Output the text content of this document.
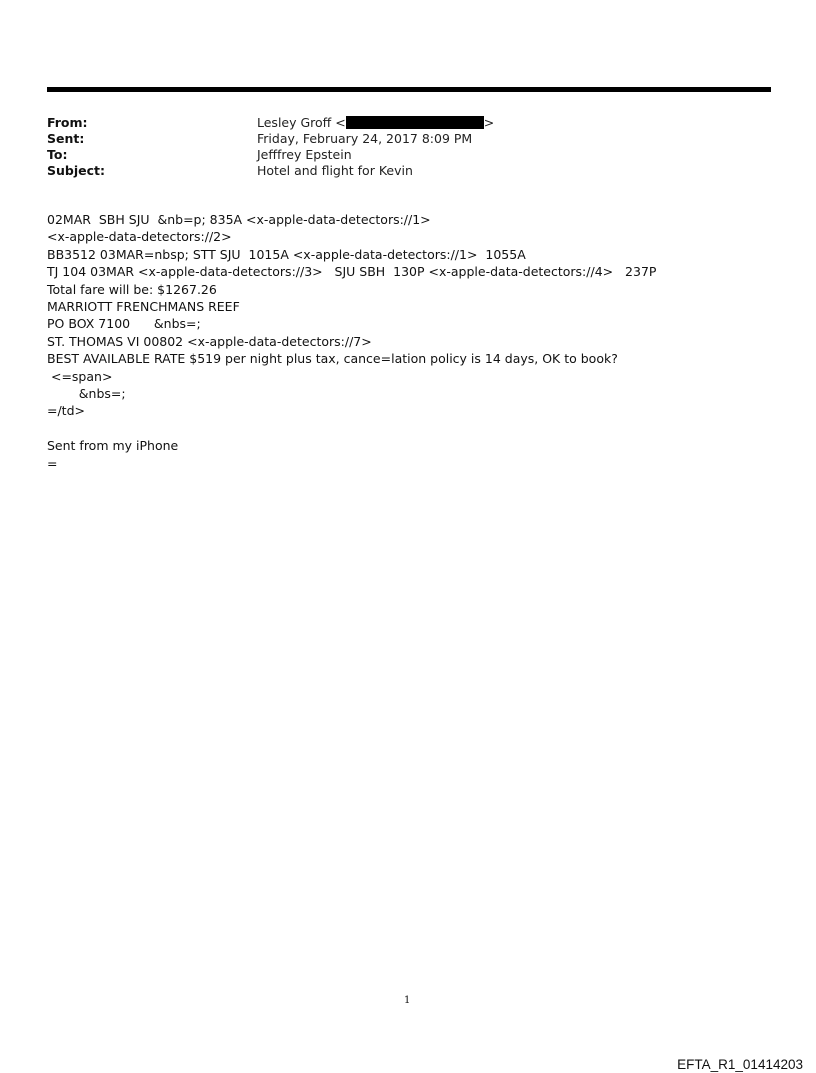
From:	Lesley Groff <	>
Sent:	Friday, February 24, 2017 8:09 PM
To:	Jefffrey Epstein
Subject:	Hotel and flight for Kevin
02MAR  SBH SJU  &nb=p; 835A <x-apple-data-detectors://1>
<x-apple-data-detectors://2>
BB3512 03MAR=nbsp; STT SJU  1015A <x-apple-data-detectors://1>  1055A
TJ 104 03MAR <x-apple-data-detectors://3>   SJU SBH  130P <x-apple-data-detectors://4>   237P
Total fare will be: $1267.26
MARRIOTT FRENCHMANS REEF
PO BOX 7100      &nbs=;
ST. THOMAS VI 00802 <x-apple-data-detectors://7>
BEST AVAILABLE RATE $519 per night plus tax, cance=lation policy is 14 days, OK to book?
<=span>
&nbs=;
=/td>
Sent from my iPhone
=
1
EFTA_R1_01414203
